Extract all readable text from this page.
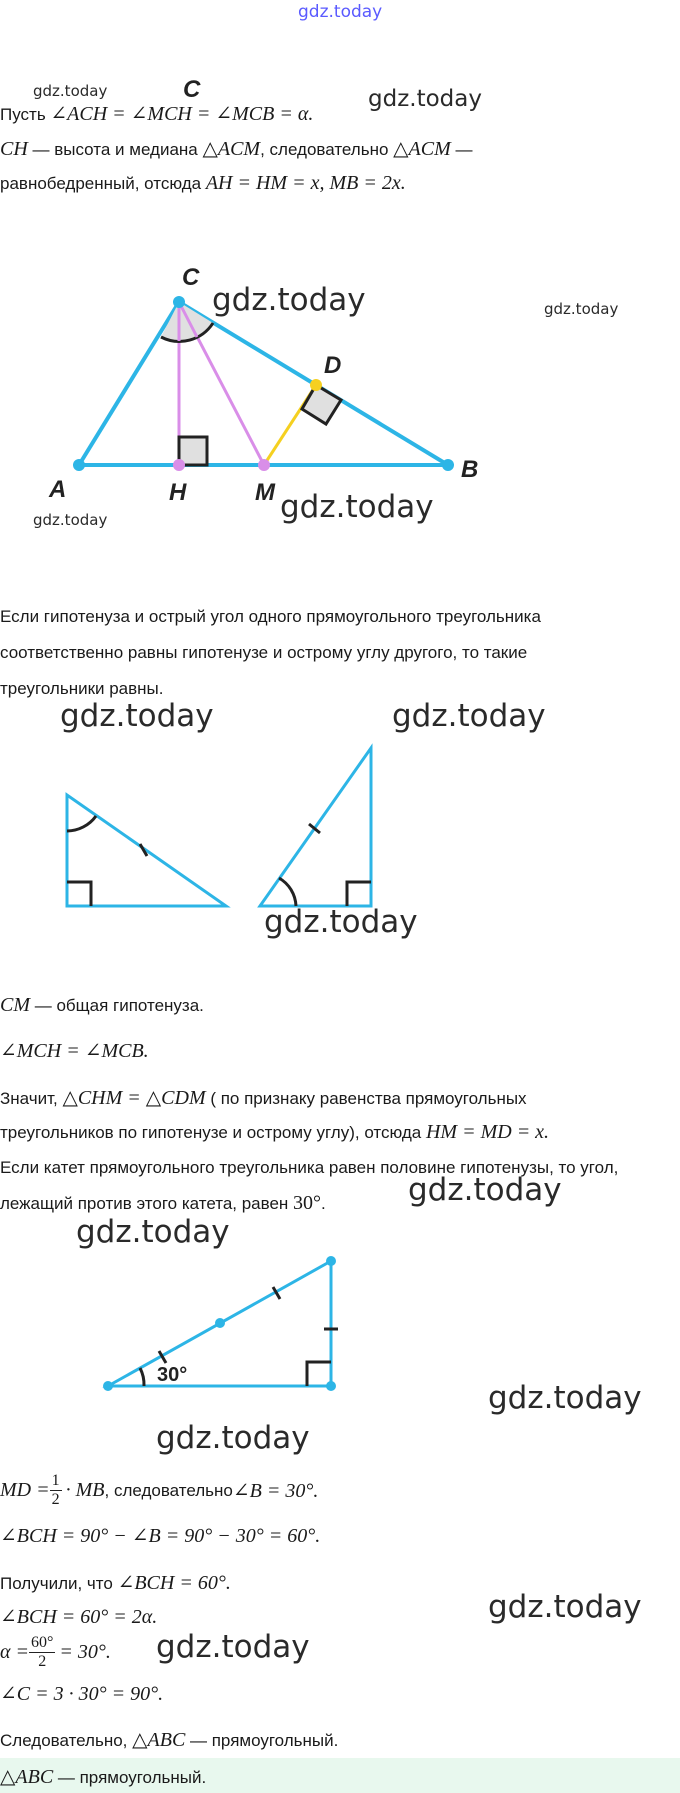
gdz.today
gdz.today	gdz.today
gdz.today	gdz.today
gdz.today
gdz.today
gdz.today	gdz.today
gdz.today
gdz.today
gdz.today
gdz.today
gdz.today
gdz.today
gdz.today
C
Пусть ∠ACH = ∠MCH = ∠MCB = α.
CH — высота и медиана △ACM, следовательно △ACM —
равнобедренный, отсюда AH = HM = x, MB = 2x.
C
D
A	H	M
B
Если гипотенуза и острый угол одного прямоугольного треугольника
соответственно равны гипотенузе и острому углу другого, то такие
треугольники равны.
CM — общая гипотенуза.
∠MCH = ∠MCB.
Значит, △CHM = △CDM ( по признаку равенства прямоугольных
треугольников по гипотенузе и острому углу), отсюда HM = MD = x.
Если катет прямоугольного треугольника равен половине гипотенузы, то угол,
лежащий против этого катета, равен 30°.
30°
MD = $\frac{1}{2}$ · MB , следовательно ∠B = 30°.
∠BCH = 90° − ∠B = 90° − 30° = 60°.
Получили, что ∠BCH = 60°.
∠BCH = 60° = 2α.
$\alpha = \frac{60^\circ}{2} = 30^\circ$.
∠C = 3 · 30° = 90°.
Следовательно, △ABC — прямоугольный.
△ABC — прямоугольный.
